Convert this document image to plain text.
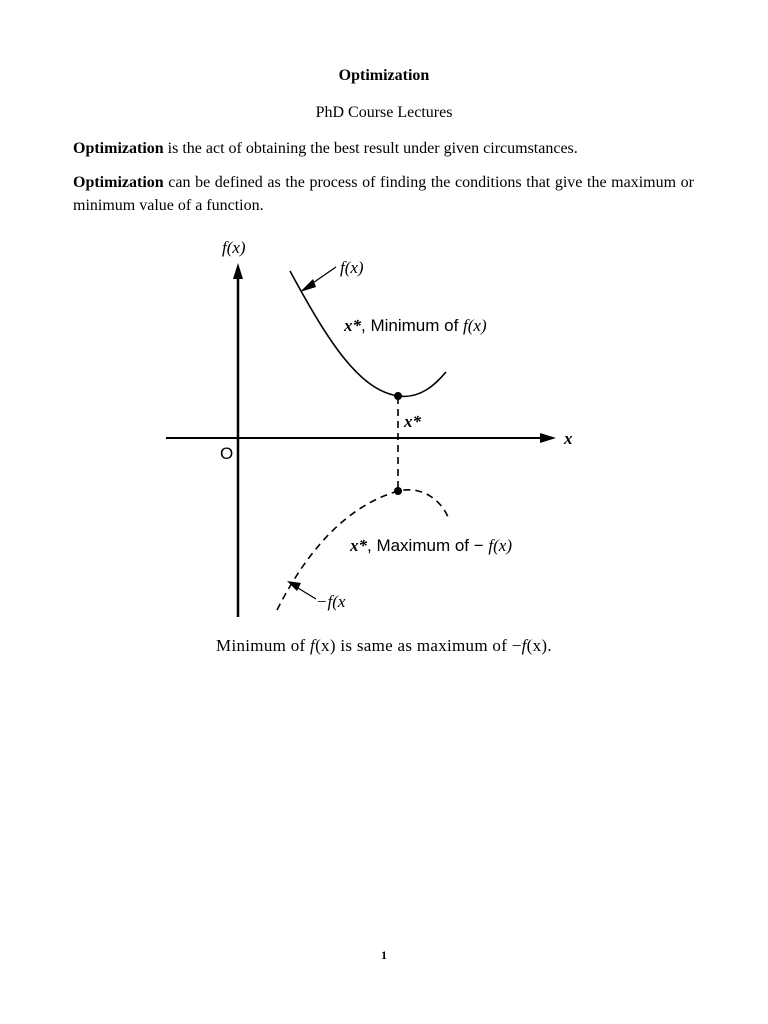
Optimization
PhD Course Lectures
Optimization is the act of obtaining the best result under given circumstances.
Optimization can be defined as the process of finding the conditions that give the maximum or minimum value of a function.
f(x)
x
O
f(x)
x*
x*, Minimum of f(x)
x*, Maximum of − f(x)
−f(x
Minimum of f(x) is same as maximum of −f(x).
1
